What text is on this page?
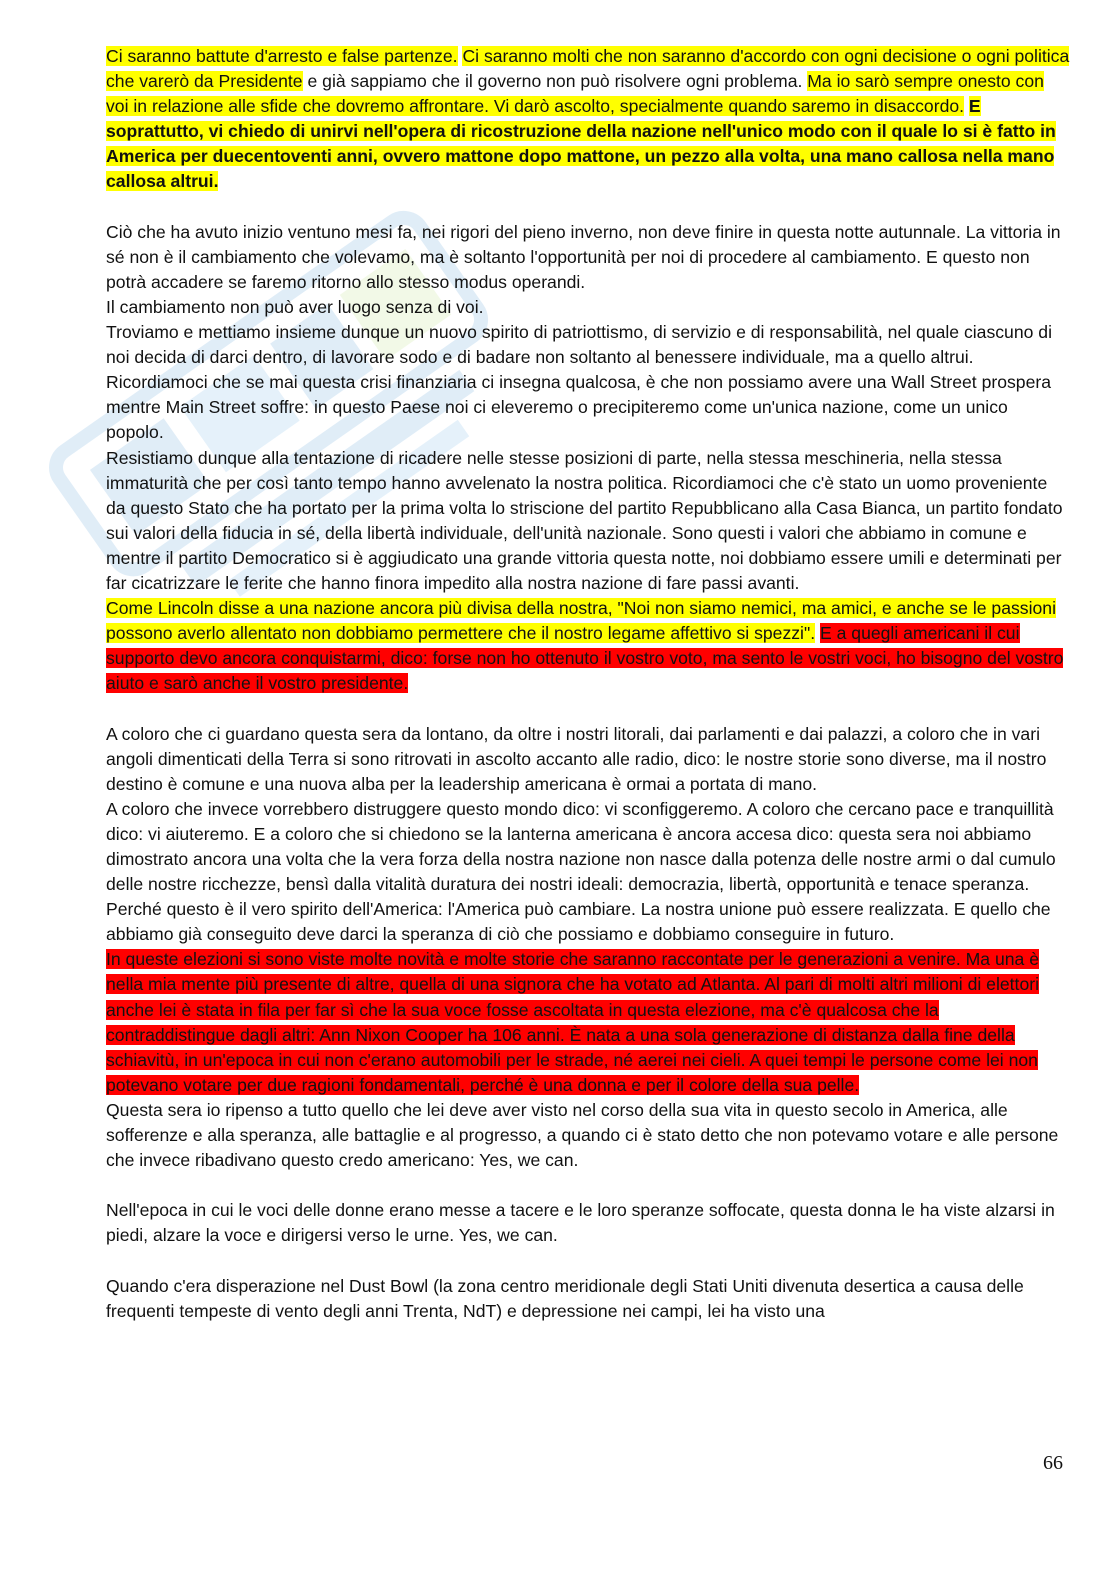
Ci saranno battute d'arresto e false partenze. Ci saranno molti che non saranno d'accordo con ogni decisione o ogni politica che varerò da Presidente e già sappiamo che il governo non può risolvere ogni problema. Ma io sarò sempre onesto con voi in relazione alle sfide che dovremo affrontare. Vi darò ascolto, specialmente quando saremo in disaccordo. E soprattutto, vi chiedo di unirvi nell'opera di ricostruzione della nazione nell'unico modo con il quale lo si è fatto in America per duecentoventi anni, ovvero mattone dopo mattone, un pezzo alla volta, una mano callosa nella mano callosa altrui.
Ciò che ha avuto inizio ventuno mesi fa, nei rigori del pieno inverno, non deve finire in questa notte autunnale. La vittoria in sé non è il cambiamento che volevamo, ma è soltanto l'opportunità per noi di procedere al cambiamento. E questo non potrà accadere se faremo ritorno allo stesso modus operandi.
Il cambiamento non può aver luogo senza di voi.
Troviamo e mettiamo insieme dunque un nuovo spirito di patriottismo, di servizio e di responsabilità, nel quale ciascuno di noi decida di darci dentro, di lavorare sodo e di badare non soltanto al benessere individuale, ma a quello altrui. Ricordiamoci che se mai questa crisi finanziaria ci insegna qualcosa, è che non possiamo avere una Wall Street prospera mentre Main Street soffre: in questo Paese noi ci eleveremo o precipiteremo come un'unica nazione, come un unico popolo.
Resistiamo dunque alla tentazione di ricadere nelle stesse posizioni di parte, nella stessa meschineria, nella stessa immaturità che per così tanto tempo hanno avvelenato la nostra politica. Ricordiamoci che c'è stato un uomo proveniente da questo Stato che ha portato per la prima volta lo striscione del partito Repubblicano alla Casa Bianca, un partito fondato sui valori della fiducia in sé, della libertà individuale, dell'unità nazionale. Sono questi i valori che abbiamo in comune e mentre il partito Democratico si è aggiudicato una grande vittoria questa notte, noi dobbiamo essere umili e determinati per far cicatrizzare le ferite che hanno finora impedito alla nostra nazione di fare passi avanti.
Come Lincoln disse a una nazione ancora più divisa della nostra, "Noi non siamo nemici, ma amici, e anche se le passioni possono averlo allentato non dobbiamo permettere che il nostro legame affettivo si spezzi". E a quegli americani il cui supporto devo ancora conquistarmi, dico: forse non ho ottenuto il vostro voto, ma sento le vostri voci, ho bisogno del vostro aiuto e sarò anche il vostro presidente.
A coloro che ci guardano questa sera da lontano, da oltre i nostri litorali, dai parlamenti e dai palazzi, a coloro che in vari angoli dimenticati della Terra si sono ritrovati in ascolto accanto alle radio, dico: le nostre storie sono diverse, ma il nostro destino è comune e una nuova alba per la leadership americana è ormai a portata di mano.
A coloro che invece vorrebbero distruggere questo mondo dico: vi sconfiggeremo. A coloro che cercano pace e tranquillità dico: vi aiuteremo. E a coloro che si chiedono se la lanterna americana è ancora accesa dico: questa sera noi abbiamo dimostrato ancora una volta che la vera forza della nostra nazione non nasce dalla potenza delle nostre armi o dal cumulo delle nostre ricchezze, bensì dalla vitalità duratura dei nostri ideali: democrazia, libertà, opportunità e tenace speranza.
Perché questo è il vero spirito dell'America: l'America può cambiare. La nostra unione può essere realizzata. E quello che abbiamo già conseguito deve darci la speranza di ciò che possiamo e dobbiamo conseguire in futuro.
In queste elezioni si sono viste molte novità e molte storie che saranno raccontate per le generazioni a venire. Ma una è nella mia mente più presente di altre, quella di una signora che ha votato ad Atlanta. Al pari di molti altri milioni di elettori anche lei è stata in fila per far sì che la sua voce fosse ascoltata in questa elezione, ma c'è qualcosa che la contraddistingue dagli altri: Ann Nixon Cooper ha 106 anni. È nata a una sola generazione di distanza dalla fine della schiavitù, in un'epoca in cui non c'erano automobili per le strade, né aerei nei cieli. A quei tempi le persone come lei non potevano votare per due ragioni fondamentali, perché è una donna e per il colore della sua pelle.
Questa sera io ripenso a tutto quello che lei deve aver visto nel corso della sua vita in questo secolo in America, alle sofferenze e alla speranza, alle battaglie e al progresso, a quando ci è stato detto che non potevamo votare e alle persone che invece ribadivano questo credo americano: Yes, we can.
Nell'epoca in cui le voci delle donne erano messe a tacere e le loro speranze soffocate, questa donna le ha viste alzarsi in piedi, alzare la voce e dirigersi verso le urne. Yes, we can.
Quando c'era disperazione nel Dust Bowl (la zona centro meridionale degli Stati Uniti divenuta desertica a causa delle frequenti tempeste di vento degli anni Trenta, NdT) e depressione nei campi, lei ha visto una
66
